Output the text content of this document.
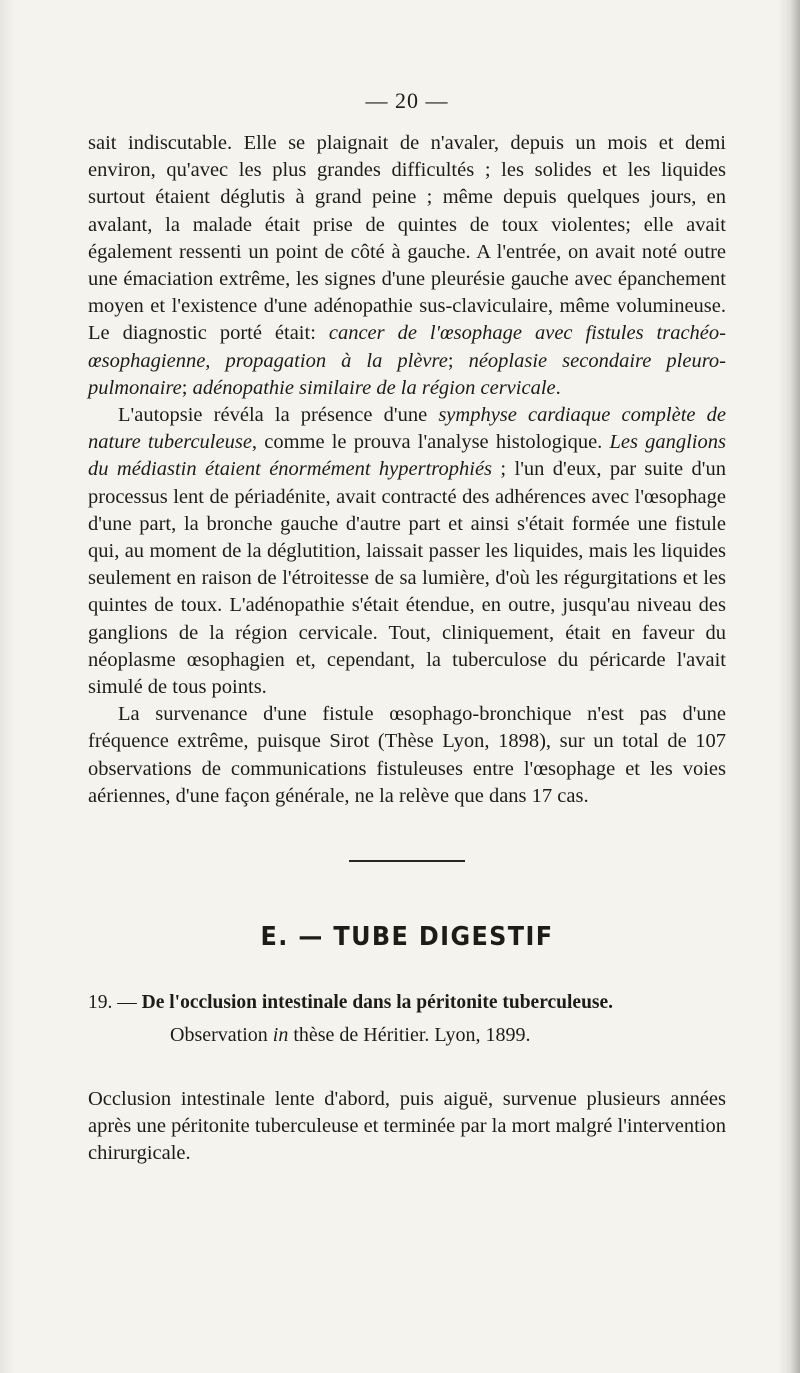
— 20 —

sait indiscutable. Elle se plaignait de n'avaler, depuis un mois et demi environ, qu'avec les plus grandes difficultés ; les solides et les liquides surtout étaient déglutis à grand peine ; même depuis quelques jours, en avalant, la malade était prise de quintes de toux violentes; elle avait également ressenti un point de côté à gauche. A l'entrée, on avait noté outre une émaciation extrême, les signes d'une pleurésie gauche avec épanchement moyen et l'existence d'une adénopathie sus-claviculaire, même volumineuse. Le diagnostic porté était: cancer de l'œsophage avec fistules trachéo-œsophagienne, propagation à la plèvre; néoplasie secondaire pleuro-pulmonaire; adénopathie similaire de la région cervicale.

L'autopsie révéla la présence d'une symphyse cardiaque complète de nature tuberculeuse, comme le prouva l'analyse histologique. Les ganglions du médiastin étaient énormément hypertrophiés ; l'un d'eux, par suite d'un processus lent de périadénite, avait contracté des adhérences avec l'œsophage d'une part, la bronche gauche d'autre part et ainsi s'était formée une fistule qui, au moment de la déglutition, laissait passer les liquides, mais les liquides seulement en raison de l'étroitesse de sa lumière, d'où les régurgitations et les quintes de toux. L'adénopathie s'était étendue, en outre, jusqu'au niveau des ganglions de la région cervicale. Tout, cliniquement, était en faveur du néoplasme œsophagien et, cependant, la tuberculose du péricarde l'avait simulé de tous points.

La survenance d'une fistule œsophago-bronchique n'est pas d'une fréquence extrême, puisque Sirot (Thèse Lyon, 1898), sur un total de 107 observations de communications fistuleuses entre l'œsophage et les voies aériennes, d'une façon générale, ne la relève que dans 17 cas.

E. — TUBE DIGESTIF
19. — De l'occlusion intestinale dans la péritonite tuberculeuse.
Observation in thèse de Héritier. Lyon, 1899.

Occlusion intestinale lente d'abord, puis aiguë, survenue plusieurs années après une péritonite tuberculeuse et terminée par la mort malgré l'intervention chirurgicale.
